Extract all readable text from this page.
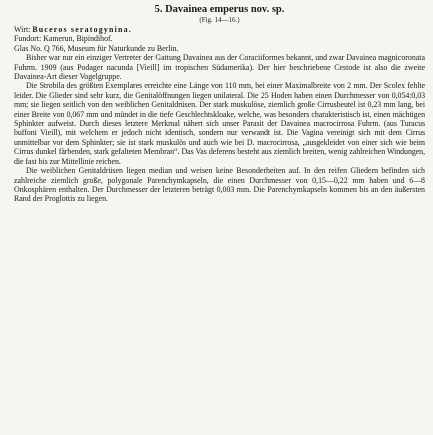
5. Davainea emperus nov. sp.

(Fig. 14—16.)

Wirt: Buceros seratogynina.

Fundort: Kamerun, Bipindihof.

Glas No. Q 766, Museum für Naturkunde zu Berlin.

Bisher war nur ein einziger Vertreter der Gattung Davainea aus der Coraciiformes bekannt, und zwar Davainea magnicoronata Fuhrm. 1909 (aus Podager nacunda [Vieill] im tropischen Südamerika). Der hier beschriebene Cestode ist also die zweite Davainea-Art dieser Vogelgruppe.

Die Strobila des größten Exemplares erreichte eine Länge von 110 mm, bei einer Maximalbreite von 2 mm. Der Scolex fehlte leider. Die Glieder sind sehr kurz, die Genitalöffnungen liegen unilateral. Die 25 Hoden haben einen Durchmesser von 0,054:0,03 mm; sie liegen seitlich von den weiblichen Genitaldrüsen. Der stark muskulöse, ziemlich große Cirrusbeutel ist 0,23 mm lang, bei einer Breite von 0,067 mm und mündet in die tiefe Geschlechtskloake, welche, was besonders charakteristisch ist, einen mächtigen Sphinkter aufweist. Durch dieses letztere Merkmal nähert sich unser Parasit der Davainea macrocirrosa Fuhrm. (aus Turacus buffoni Vieill), mit welchem er jedoch nicht identisch, sondern nur verwandt ist. Die Vagina vereinigt sich mit dem Cirrus unmittelbar vor dem Sphinkter; sie ist stark muskulös und auch wie bei D. macrocirrosa, „ausgekleidet von einer sich wie beim Cirrus dunkel färbenden, stark gefalteten Membran“. Das Vas deferens besteht aus ziemlich breiten, wenig zahlreichen Windungen, die fast bis zur Mittellinie reichen.

Die weiblichen Genitaldrüsen liegen median und weisen keine Besonderheiten auf. In den reifen Gliedern befinden sich zahlreiche ziemlich große, polygonale Parenchymkapseln, die einen Durchmesser von 0,15—0,22 mm haben und 6—8 Onkosphären enthalten. Der Durchmesser der letzteren beträgt 0,003 mm. Die Parenchymkapseln kommen bis an den äußersten Rand der Proglottis zu liegen.
